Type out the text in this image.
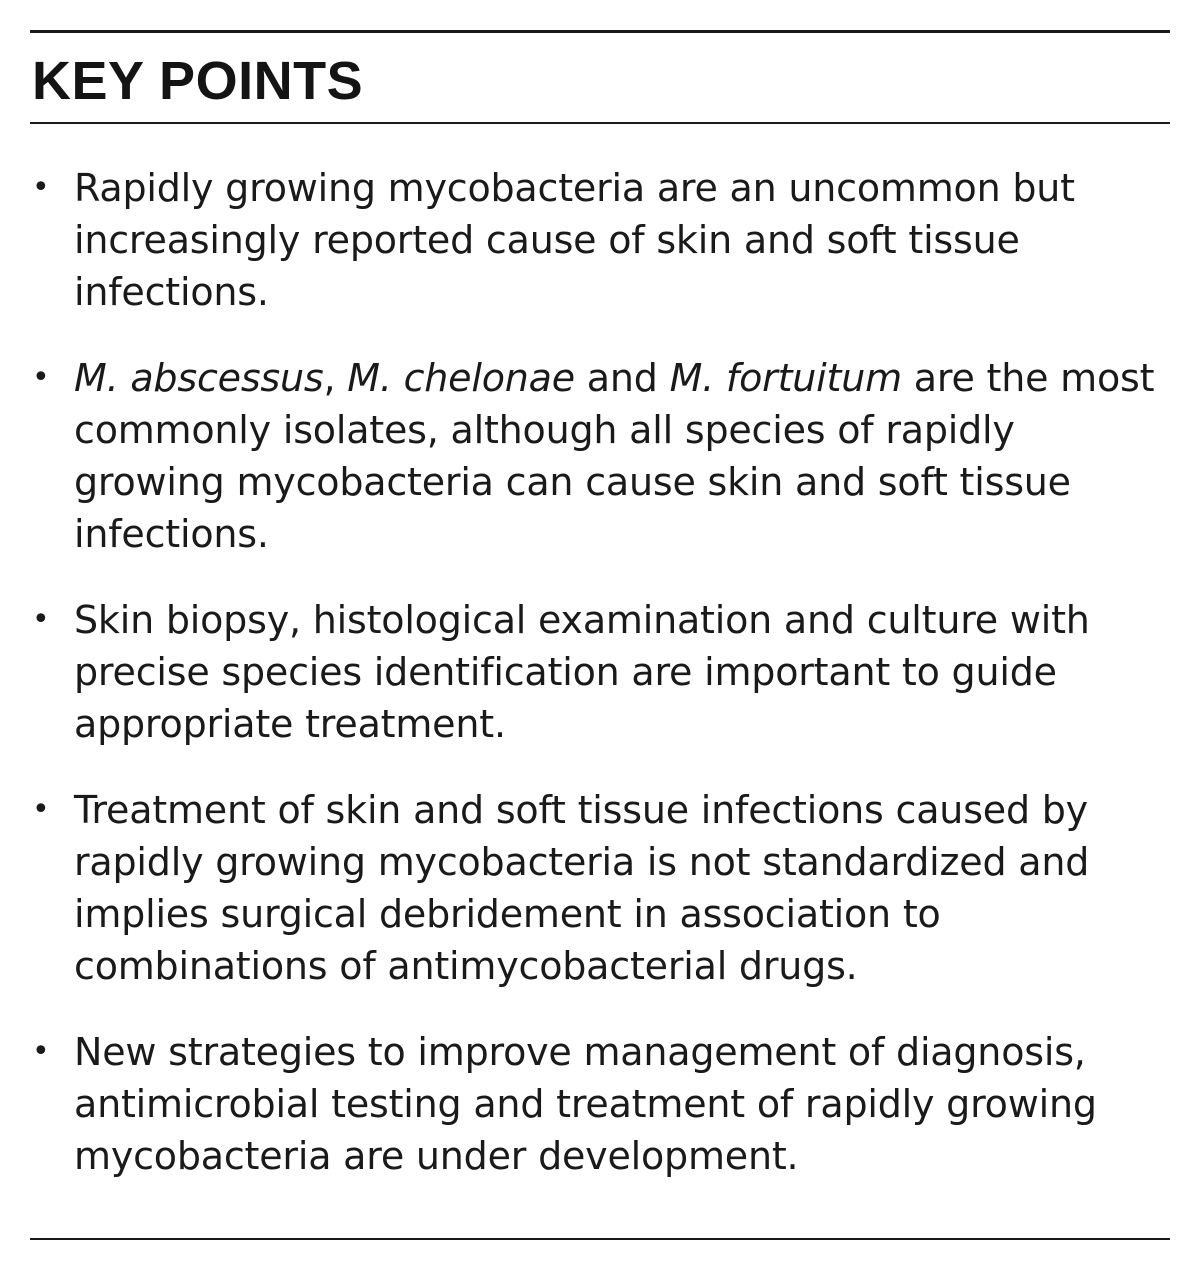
KEY POINTS
• Rapidly growing mycobacteria are an uncommon but increasingly reported cause of skin and soft tissue infections.
• M. abscessus, M. chelonae and M. fortuitum are the most commonly isolates, although all species of rapidly growing mycobacteria can cause skin and soft tissue infections.
• Skin biopsy, histological examination and culture with precise species identification are important to guide appropriate treatment.
• Treatment of skin and soft tissue infections caused by rapidly growing mycobacteria is not standardized and implies surgical debridement in association to combinations of antimycobacterial drugs.
• New strategies to improve management of diagnosis, antimicrobial testing and treatment of rapidly growing mycobacteria are under development.
